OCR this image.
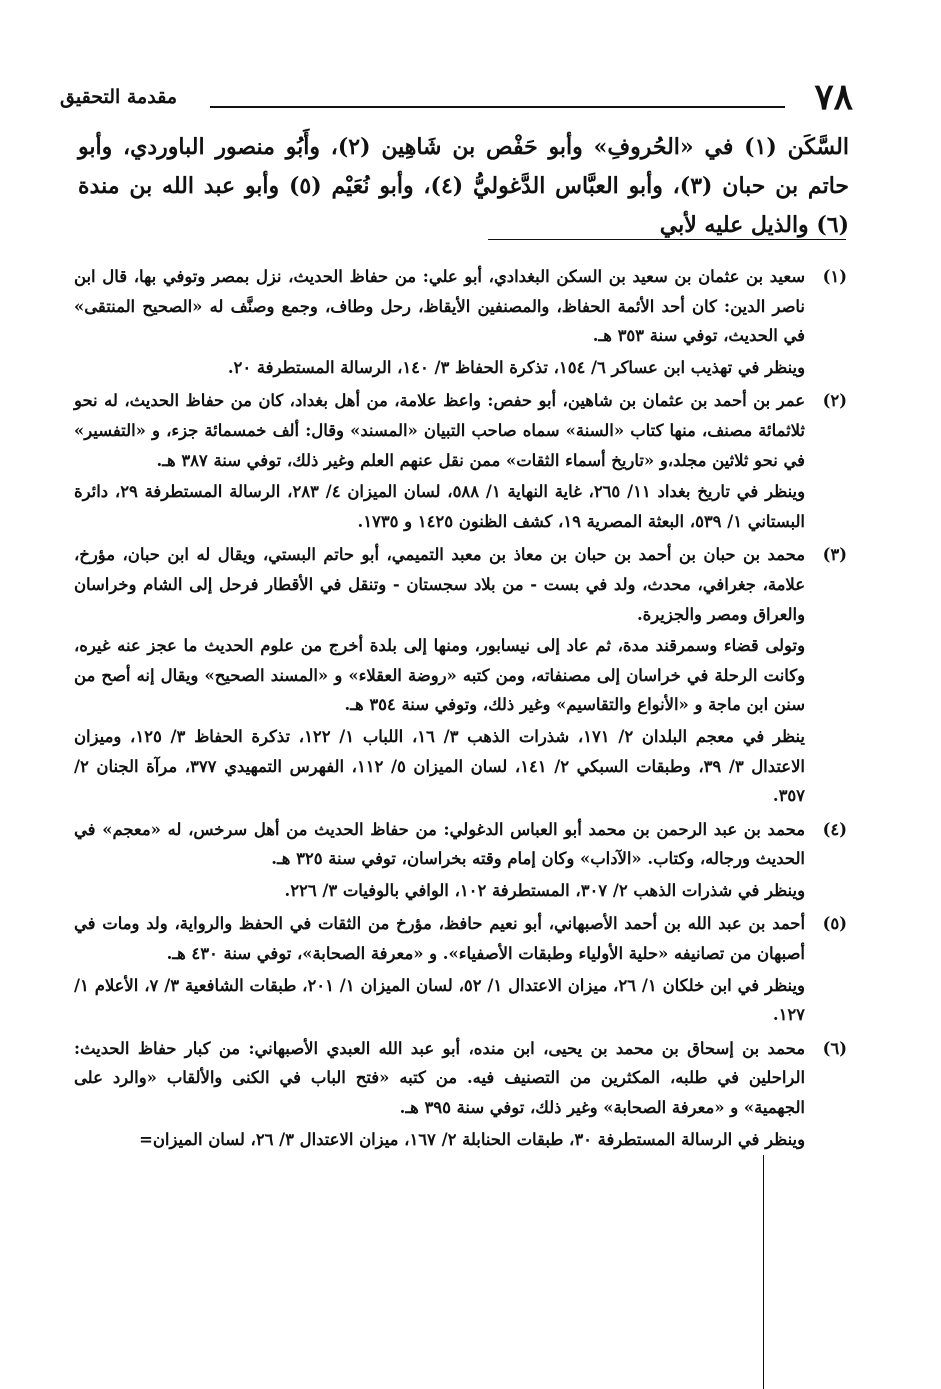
٧٨
مقدمة التحقيق

السَّكَن (١) في «الحُروفِ» وأبو حَفْص بن شَاهِين (٢)، وأَبُو منصور الباوردي، وأبو حاتم بن حبان (٣)، وأبو العبَّاس الدَّغوليُّ (٤)، وأبو نُعَيْم (٥) وأبو عبد الله بن مندة (٦) والذيل عليه لأبي

(١)

سعيد بن عثمان بن سعيد بن السكن البغدادي، أبو علي: من حفاظ الحديث، نزل بمصر وتوفي بها، قال ابن ناصر الدين: كان أحد الأئمة الحفاظ، والمصنفين الأيقاظ، رحل وطاف، وجمع وصنَّف له «الصحيح المنتقى» في الحديث، توفي سنة ٣٥٣ هـ.

وينظر في تهذيب ابن عساكر ٦/ ١٥٤، تذكرة الحفاظ ٣/ ١٤٠، الرسالة المستطرفة ٢٠.

(٢)

عمر بن أحمد بن عثمان بن شاهين، أبو حفص: واعظ علامة، من أهل بغداد، كان من حفاظ الحديث، له نحو ثلاثمائة مصنف، منها كتاب «السنة» سماه صاحب التبيان «المسند» وقال: ألف خمسمائة جزء، و «التفسير» في نحو ثلاثين مجلد،و «تاريخ أسماء الثقات» ممن نقل عنهم العلم وغير ذلك، توفي سنة ٣٨٧ هـ.

وينظر في تاريخ بغداد ١١/ ٢٦٥، غاية النهاية ١/ ٥٨٨، لسان الميزان ٤/ ٢٨٣، الرسالة المستطرفة ٢٩، دائرة البستاني ١/ ٥٣٩، البعثة المصرية ١٩، كشف الظنون ١٤٢٥ و ١٧٣٥.

(٣)

محمد بن حبان بن أحمد بن حبان بن معاذ بن معبد التميمي، أبو حاتم البستي، ويقال له ابن حبان، مؤرخ، علامة، جغرافي، محدث، ولد في بست - من بلاد سجستان - وتنقل في الأقطار فرحل إلى الشام وخراسان والعراق ومصر والجزيرة.

وتولى قضاء وسمرقند مدة، ثم عاد إلى نيسابور، ومنها إلى بلدة أخرج من علوم الحديث ما عجز عنه غيره، وكانت الرحلة في خراسان إلى مصنفاته، ومن كتبه «روضة العقلاء» و «المسند الصحيح» ويقال إنه أصح من سنن ابن ماجة و «الأنواع والتقاسيم» وغير ذلك، وتوفي سنة ٣٥٤ هـ.

ينظر في معجم البلدان ٢/ ١٧١، شذرات الذهب ٣/ ١٦، اللباب ١/ ١٢٢، تذكرة الحفاظ ٣/ ١٢٥، وميزان الاعتدال ٣/ ٣٩، وطبقات السبكي ٢/ ١٤١، لسان الميزان ٥/ ١١٢، الفهرس التمهيدي ٣٧٧، مرآة الجنان ٢/ ٣٥٧.

(٤)

محمد بن عبد الرحمن بن محمد أبو العباس الدغولي: من حفاظ الحديث من أهل سرخس، له «معجم» في الحديث ورجاله، وكتاب. «الآداب» وكان إمام وقته بخراسان، توفي سنة ٣٢٥ هـ.

وينظر في شذرات الذهب ٢/ ٣٠٧، المستطرفة ١٠٢، الوافي بالوفيات ٣/ ٢٢٦.

(٥)

أحمد بن عبد الله بن أحمد الأصبهاني، أبو نعيم حافظ، مؤرخ من الثقات في الحفظ والرواية، ولد ومات في أصبهان من تصانيفه «حلية الأولياء وطبقات الأصفياء». و «معرفة الصحابة»، توفي سنة ٤٣٠ هـ.

وينظر في ابن خلكان ١/ ٢٦، ميزان الاعتدال ١/ ٥٢، لسان الميزان ١/ ٢٠١، طبقات الشافعية ٣/ ٧، الأعلام ١/ ١٢٧.

(٦)

محمد بن إسحاق بن محمد بن يحيى، ابن منده، أبو عبد الله العبدي الأصبهاني: من كبار حفاظ الحديث: الراحلين في طلبه، المكثرين من التصنيف فيه. من كتبه «فتح الباب في الكنى والألقاب «والرد على الجهمية» و «معرفة الصحابة» وغير ذلك، توفي سنة ٣٩٥ هـ.

وينظر في الرسالة المستطرفة ٣٠، طبقات الحنابلة ٢/ ١٦٧، ميزان الاعتدال ٣/ ٢٦، لسان الميزان=
